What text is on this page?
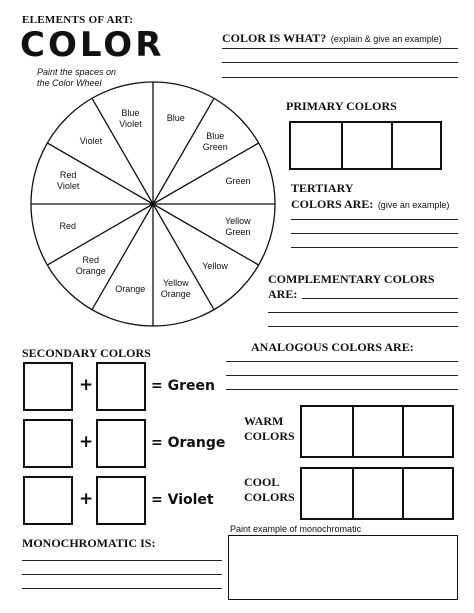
ELEMENTS OF ART:
COLOR
Paint the spaces on
the Color Wheel
Blue
Blue
Green
Green
Yellow
Green
Yellow
Yellow
Orange
Orange
Red
Orange
Red
Red
Violet
Violet
Blue
Violet
COLOR IS WHAT? (explain & give an example)
PRIMARY COLORS
TERTIARY
COLORS ARE: (give an example)
COMPLEMENTARY COLORS
ARE:
SECONDARY COLORS
+	= Green
+	= Orange
+	= Violet
ANALOGOUS COLORS ARE:
WARM
COLORS
COOL
COLORS
MONOCHROMATIC IS:
Paint example of monochromatic
